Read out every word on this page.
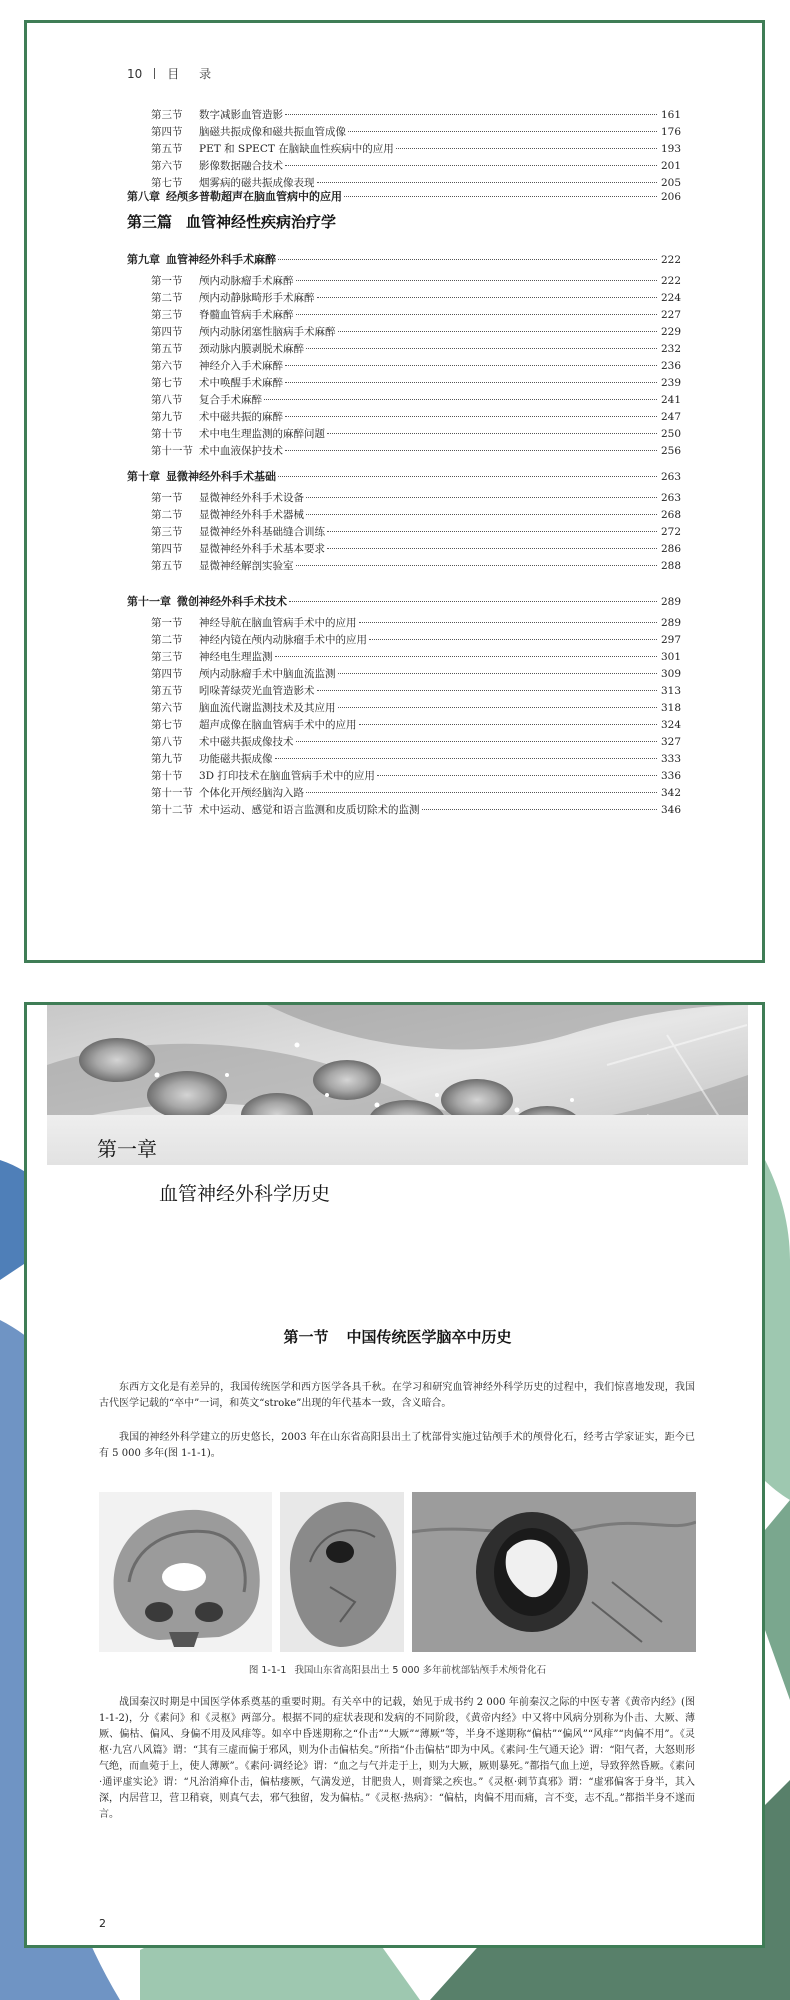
10 目 录
第三节 数字减影血管造影	161
第四节 脑磁共振成像和磁共振血管成像	176
第五节 PET 和 SPECT 在脑缺血性疾病中的应用	193
第六节 影像数据融合技术	201
第七节 烟雾病的磁共振成像表现	205
第八章 经颅多普勒超声在脑血管病中的应用	206
第三篇 血管神经性疾病治疗学
第九章 血管神经外科手术麻醉	222
第一节 颅内动脉瘤手术麻醉	222
第二节 颅内动静脉畸形手术麻醉	224
第三节 脊髓血管病手术麻醉	227
第四节 颅内动脉闭塞性脑病手术麻醉	229
第五节 颈动脉内膜剥脱术麻醉	232
第六节 神经介入手术麻醉	236
第七节 术中唤醒手术麻醉	239
第八节 复合手术麻醉	241
第九节 术中磁共振的麻醉	247
第十节 术中电生理监测的麻醉问题	250
第十一节 术中血液保护技术	256
第十章 显微神经外科手术基础	263
第一节 显微神经外科手术设备	263
第二节 显微神经外科手术器械	268
第三节 显微神经外科基础缝合训练	272
第四节 显微神经外科手术基本要求	286
第五节 显微神经解剖实验室	288
第十一章 微创神经外科手术技术	289
第一节 神经导航在脑血管病手术中的应用	289
第二节 神经内镜在颅内动脉瘤手术中的应用	297
第三节 神经电生理监测	301
第四节 颅内动脉瘤手术中脑血流监测	309
第五节 吲哚菁绿荧光血管造影术	313
第六节 脑血流代谢监测技术及其应用	318
第七节 超声成像在脑血管病手术中的应用	324
第八节 术中磁共振成像技术	327
第九节 功能磁共振成像	333
第十节 3D 打印技术在脑血管病手术中的应用	336
第十一节 个体化开颅经脑沟入路	342
第十二节 术中运动、感觉和语言监测和皮质切除术的监测	346
第一章
血管神经外科学历史
第一节 中国传统医学脑卒中历史

东西方文化是有差异的，我国传统医学和西方医学各具千秋。在学习和研究血管神经外科学历史的过程中，我们惊喜地发现，我国古代医学记载的“卒中”一词，和英文“stroke”出现的年代基本一致，含义暗合。

我国的神经外科学建立的历史悠长，2003 年在山东省高阳县出土了枕部骨实施过钻颅手术的颅骨化石，经考古学家证实，距今已有 5 000 多年(图 1-1-1)。

图 1-1-1 我国山东省高阳县出土 5 000 多年前枕部钻颅手术颅骨化石

战国秦汉时期是中国医学体系奠基的重要时期。有关卒中的记载，始见于成书约 2 000 年前秦汉之际的中医专著《黄帝内经》(图 1-1-2)，分《素问》和《灵枢》两部分。根据不同的症状表现和发病的不同阶段，《黄帝内经》中又将中风病分别称为仆击、大厥、薄厥、偏枯、偏风、身偏不用及风痱等。如卒中昏迷期称之“仆击”“大厥”“薄厥”等，半身不遂期称“偏枯”“偏风”“风痱”“肉偏不用”。《灵枢·九宫八风篇》谓：“其有三虚而偏于邪风，则为仆击偏枯矣。”所指“仆击偏枯”即为中风。《素问·生气通天论》谓：“阳气者，大怒则形气绝，而血菀于上，使人薄厥”。《素问·调经论》谓：“血之与气并走于上，则为大厥，厥则暴死。”都指气血上逆，导致猝然昏厥。《素问·通评虚实论》谓：“凡治消瘅仆击，偏枯痿厥，气满发逆，甘肥贵人，则膏粱之疾也。”《灵枢·刺节真邪》谓：“虚邪偏客于身半，其入深，内居营卫，营卫稍衰，则真气去，邪气独留，发为偏枯。”《灵枢·热病》：“偏枯，肉偏不用而痛，言不变，志不乱。”都指半身不遂而言。

2
